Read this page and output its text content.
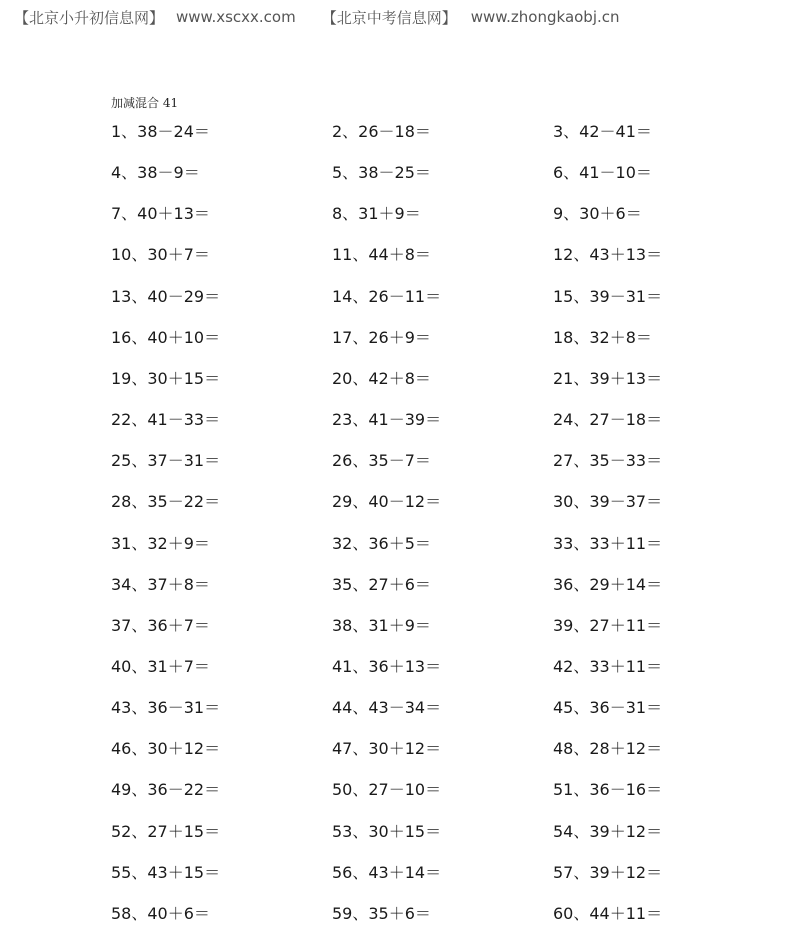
【北京小升初信息网】 www.xscxx.com 【北京中考信息网】 www.zhongkaobj.cn
加减混合 41
1、38－24＝	2、26－18＝	3、42－41＝
4、38－9＝	5、38－25＝	6、41－10＝
7、40＋13＝	8、31＋9＝	9、30＋6＝
10、30＋7＝	11、44＋8＝	12、43＋13＝
13、40－29＝	14、26－11＝	15、39－31＝
16、40＋10＝	17、26＋9＝	18、32＋8＝
19、30＋15＝	20、42＋8＝	21、39＋13＝
22、41－33＝	23、41－39＝	24、27－18＝
25、37－31＝	26、35－7＝	27、35－33＝
28、35－22＝	29、40－12＝	30、39－37＝
31、32＋9＝	32、36＋5＝	33、33＋11＝
34、37＋8＝	35、27＋6＝	36、29＋14＝
37、36＋7＝	38、31＋9＝	39、27＋11＝
40、31＋7＝	41、36＋13＝	42、33＋11＝
43、36－31＝	44、43－34＝	45、36－31＝
46、30＋12＝	47、30＋12＝	48、28＋12＝
49、36－22＝	50、27－10＝	51、36－16＝
52、27＋15＝	53、30＋15＝	54、39＋12＝
55、43＋15＝	56、43＋14＝	57、39＋12＝
58、40＋6＝	59、35＋6＝	60、44＋11＝
